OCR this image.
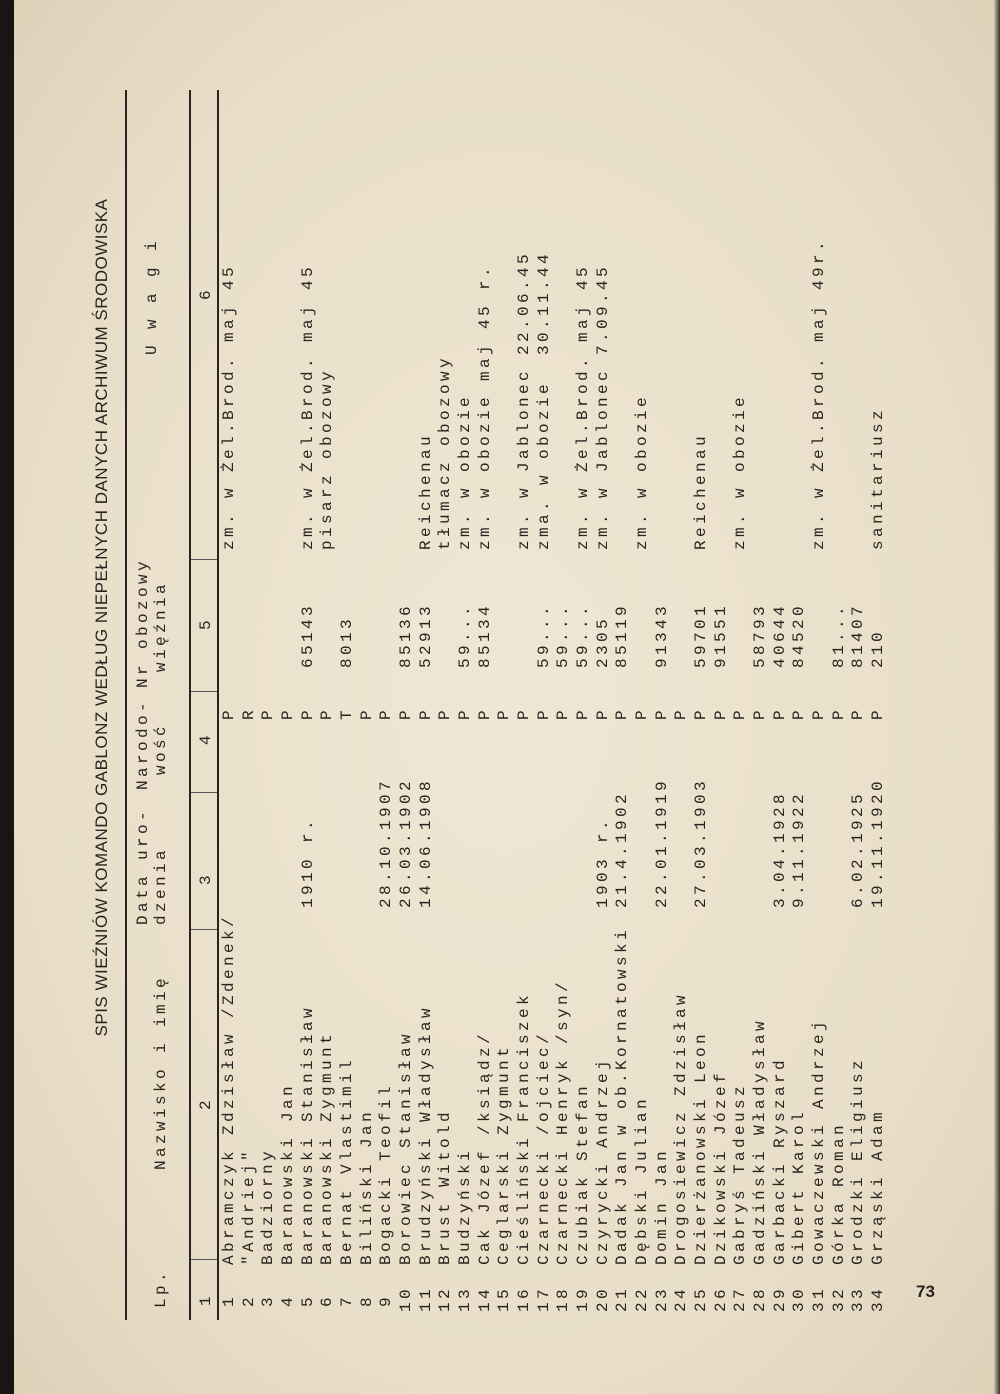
SPIS WIEŹNIÓW KOMANDO GABLONZ WEDŁUG NIEPEŁNYCH DANYCH ARCHIWUM ŚRODOWISKA
Lp.
Nazwisko i imię
Data uro- dzenia
Narodo- wość
Nr obozowy więźnia
U w a g i
1
2
3
4
5
6
1
Abramczyk Zdzisław /Zdenek/
P
zm. w Żel.Brod. maj 45
2
"Andriej"
R
3
Badziorny
P
4
Baranowski Jan
P
5
Baranowski Stanisław
1910 r.
P
65143
zm. w Żel.Brod. maj 45
6
Baranowski Zygmunt
P
pisarz obozowy
7
Bernat Vlastimil
T
8013
8
Biliński Jan
P
9
Bogacki Teofil
28.10.1907
P
10
Borowiec Stanisław
26.03.1902
P
85136
11
Brudzyński Władysław
14.06.1908
P
52913
Reichenau
12
Brust Witold
P
tłumacz obozowy
13
Budzyński
P
59...
zm. w obozie
14
Cak Józef /ksiądz/
P
85134
zm. w obozie maj 45 r.
15
Ceglarski Zygmunt
P
16
Cieśliński Franciszek
P
zm. w Jablonec 22.06.45
17
Czarnecki /ojciec/
P
59...
zma. w obozie  30.11.44
18
Czarnecki Henryk /syn/
P
59...
19
Czubiak Stefan
P
59...
zm. w Żel.Brod. maj 45
20
Czyrycki Andrzej
1903 r.
P
2305
zm. w Jablonec 7.09.45
21
Dadak Jan w ob.Kornatowski
21.4.1902
P
85119
22
Dębski Julian
P
zm. w obozie
23
Domin Jan
22.01.1919
P
91343
24
Drogosiewicz Zdzisław
P
25
Dzierżanowski Leon
27.03.1903
P
59701
Reichenau
26
Dzikowski Józef
P
91551
27
Gabryś Tadeusz
P
zm. w obozie
28
Gadziński Władysław
P
58793
29
Garbacki Ryszard
3.04.1928
P
40644
30
Gibert Karol
9.11.1922
P
84520
31
Gowaczewski Andrzej
P
zm. w Żel.Brod. maj 49r.
32
Górka Roman
P
81...
33
Grodzki Eligiusz
6.02.1925
P
81407
34
Grząski Adam
19.11.1920
P
210
sanitariusz
73
